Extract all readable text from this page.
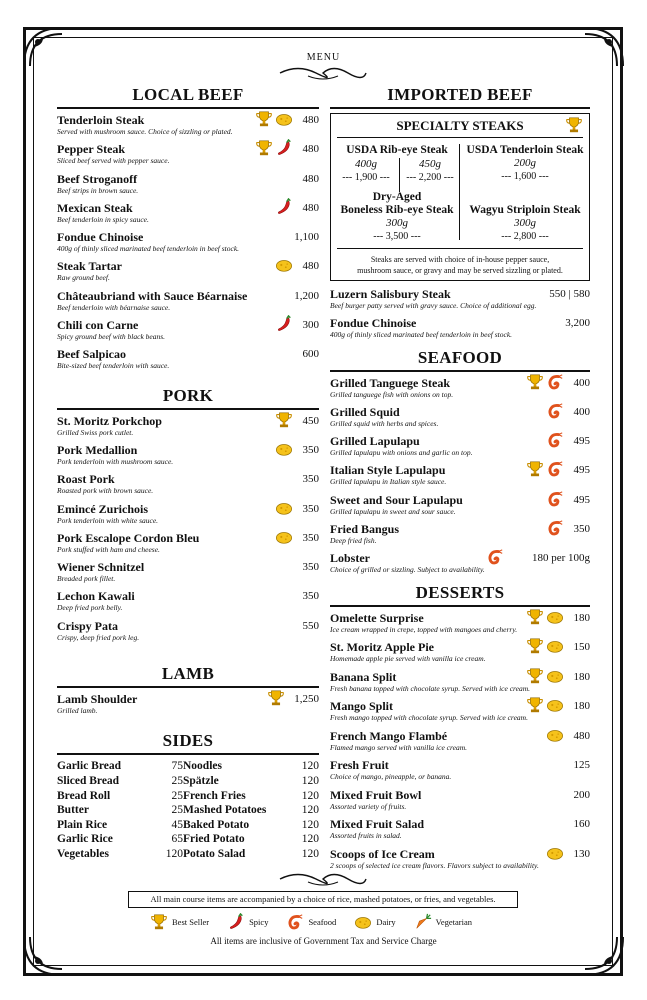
MENU
LOCAL BEEF
Tenderloin Steak
Served with mushroom sauce. Choice of sizzling or plated.
480
Pepper Steak
Sliced beef served with pepper sauce.
480
Beef Stroganoff
Beef strips in brown sauce.
480
Mexican Steak
Beef tenderloin in spicy sauce.
480
Fondue Chinoise
400g of thinly sliced marinated beef tenderloin in beef stock.
1,100
Steak Tartar
Raw ground beef.
480
Châteaubriand with Sauce Béarnaise
Beef tenderloin with béarnaise sauce.
1,200
Chili con Carne
Spicy ground beef with black beans.
300
Beef Salpicao
Bite-sized beef tenderloin with sauce.
600
PORK
St. Moritz Porkchop
Grilled Swiss pork cutlet.
450
Pork Medallion
Pork tenderloin with mushroom sauce.
350
Roast Pork
Roasted pork with brown sauce.
350
Emincé Zurichois
Pork tenderloin with white sauce.
350
Pork Escalope Cordon Bleu
Pork stuffed with ham and cheese.
350
Wiener Schnitzel
Breaded pork fillet.
350
Lechon Kawali
Deep fried pork belly.
350
Crispy Pata
Crispy, deep fried pork leg.
550
LAMB
Lamb Shoulder
Grilled lamb.
1,250
SIDES
Garlic Bread	75 Noodles	120
Sliced Bread	25 Spätzle	120
Bread Roll	25 French Fries	120
Butter	25 Mashed Potatoes	120
Plain Rice	45 Baked Potato	120
Garlic Rice	65 Fried Potato	120
Vegetables	120 Potato Salad	120
IMPORTED BEEF
SPECIALTY STEAKS
USDA Rib-eye Steak
400g
--- 1,900 ---
450g
--- 2,200 ---
USDA Tenderloin Steak
200g
--- 1,600 ---
Dry-Aged
Boneless Rib-eye Steak
300g
--- 3,500 ---
Wagyu Striploin Steak
300g
--- 2,800 ---
Steaks are served with choice of in-house pepper sauce,
mushroom sauce, or gravy and may be served sizzling or plated.
Luzern Salisbury Steak
Beef burger patty served with gravy sauce. Choice of additional egg.
550 | 580
Fondue Chinoise
400g of thinly sliced marinated beef tenderloin in beef stock.
3,200
SEAFOOD
Grilled Tanguege Steak
Grilled tanguege fish with onions on top.
400
Grilled Squid
Grilled squid with herbs and spices.
400
Grilled Lapulapu
Grilled lapulapu with onions and garlic on top.
495
Italian Style Lapulapu
Grilled lapulapu in Italian style sauce.
495
Sweet and Sour Lapulapu
Grilled lapulapu in sweet and sour sauce.
495
Fried Bangus
Deep fried fish.
350
Lobster
Choice of grilled or sizzling. Subject to availability.
180 per 100g
DESSERTS
Omelette Surprise
Ice cream wrapped in crepe, topped with mangoes and cherry.
180
St. Moritz Apple Pie
Homemade apple pie served with vanilla ice cream.
150
Banana Split
Fresh banana topped with chocolate syrup. Served with ice cream.
180
Mango Split
Fresh mango topped with chocolate syrup. Served with ice cream.
180
French Mango Flambé
Flamed mango served with vanilla ice cream.
480
Fresh Fruit
Choice of mango, pineapple, or banana.
125
Mixed Fruit Bowl
Assorted variety of fruits.
200
Mixed Fruit Salad
Assorted fruits in salad.
160
Scoops of Ice Cream
2 scoops of selected ice cream flavors. Flavors subject to availability.
130
All main course items are accompanied by a choice of rice, mashed potatoes, or fries, and vegetables.
Best Seller	Spicy	Seafood	Dairy	Vegetarian
All items are inclusive of Government Tax and Service Charge
